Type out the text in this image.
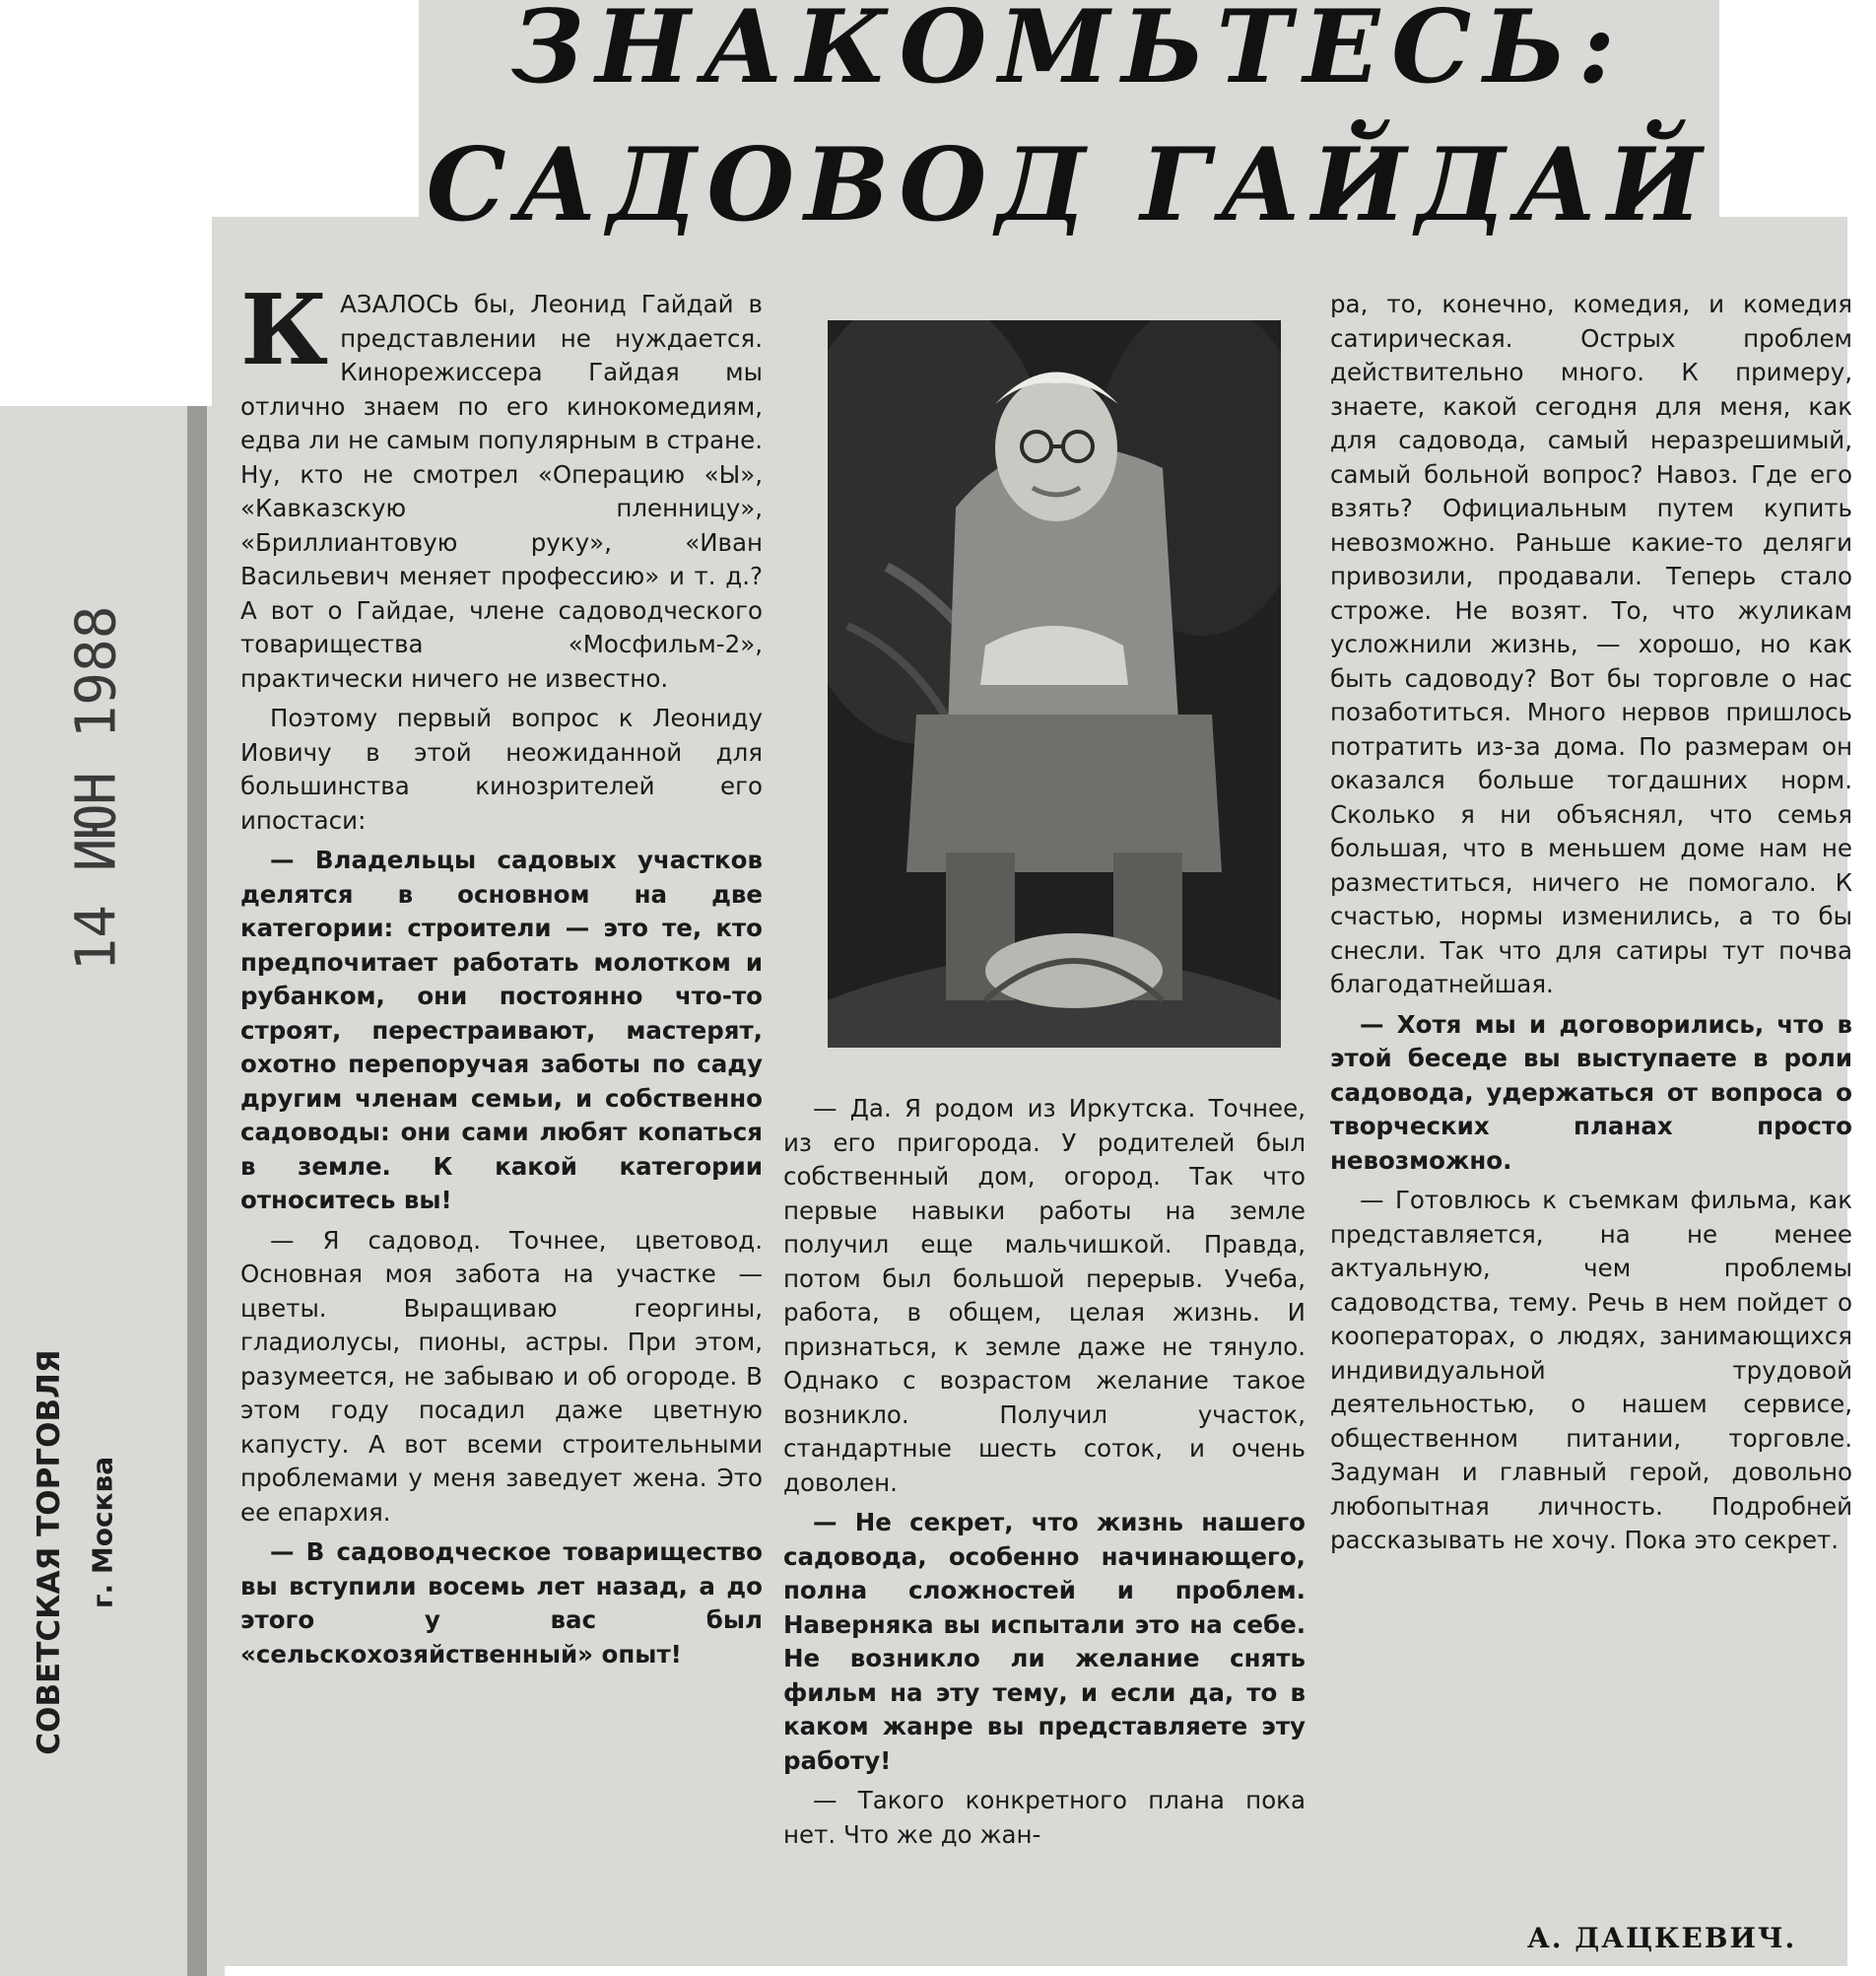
ЗНАКОМЬТЕСЬ:
САДОВОД ГАЙДАЙ
14 ИЮН 1988
СОВЕТСКАЯ ТОРГОВЛЯ г. Москва

КАЗАЛОСЬ бы, Леонид Гайдай в представлении не нуждается. Кинорежиссера Гайдая мы отлично знаем по его кинокомедиям, едва ли не самым популярным в стране. Ну, кто не смотрел «Операцию «Ы», «Кавказскую пленницу», «Бриллиантовую руку», «Иван Васильевич меняет профессию» и т. д.? А вот о Гайдае, члене садоводческого товарищества «Мосфильм-2», практически ничего не известно.

Поэтому первый вопрос к Леониду Иовичу в этой неожиданной для большинства кинозрителей его ипостаси:

— Владельцы садовых участков делятся в основном на две категории: строители — это те, кто предпочитает работать молотком и рубанком, они постоянно что-то строят, перестраивают, мастерят, охотно перепоручая заботы по саду другим членам семьи, и собственно садоводы: они сами любят копаться в земле. К какой категории относитесь вы!

— Я садовод. Точнее, цветовод. Основная моя забота на участке — цветы. Выращиваю георгины, гладиолусы, пионы, астры. При этом, разумеется, не забываю и об огороде. В этом году посадил даже цветную капусту. А вот всеми строительными проблемами у меня заведует жена. Это ее епархия.

— В садоводческое товарищество вы вступили восемь лет назад, а до этого у вас был «сельскохозяйственный» опыт!

— Да. Я родом из Иркутска. Точнее, из его пригорода. У родителей был собственный дом, огород. Так что первые навыки работы на земле получил еще мальчишкой. Правда, потом был большой перерыв. Учеба, работа, в общем, целая жизнь. И признаться, к земле даже не тянуло. Однако с возрастом желание такое возникло. Получил участок, стандартные шесть соток, и очень доволен.

— Не секрет, что жизнь нашего садовода, особенно начинающего, полна сложностей и проблем. Наверняка вы испытали это на себе. Не возникло ли желание снять фильм на эту тему, и если да, то в каком жанре вы представляете эту работу!

— Такого конкретного плана пока нет. Что же до жан-

ра, то, конечно, комедия, и комедия сатирическая. Острых проблем действительно много. К примеру, знаете, какой сегодня для меня, как для садовода, самый неразрешимый, самый больной вопрос? Навоз. Где его взять? Официальным путем купить невозможно. Раньше какие-то деляги привозили, продавали. Теперь стало строже. Не возят. То, что жуликам усложнили жизнь, — хорошо, но как быть садоводу? Вот бы торговле о нас позаботиться. Много нервов пришлось потратить из-за дома. По размерам он оказался больше тогдашних норм. Сколько я ни объяснял, что семья большая, что в меньшем доме нам не разместиться, ничего не помогало. К счастью, нормы изменились, а то бы снесли. Так что для сатиры тут почва благодатнейшая.

— Хотя мы и договорились, что в этой беседе вы выступаете в роли садовода, удержаться от вопроса о творческих планах просто невозможно.

— Готовлюсь к съемкам фильма, как представляется, на не менее актуальную, чем проблемы садоводства, тему. Речь в нем пойдет о кооператорах, о людях, занимающихся индивидуальной трудовой деятельностью, о нашем сервисе, общественном питании, торговле. Задуман и главный герой, довольно любопытная личность. Подробней рассказывать не хочу. Пока это секрет.

А. ДАЦКЕВИЧ.
